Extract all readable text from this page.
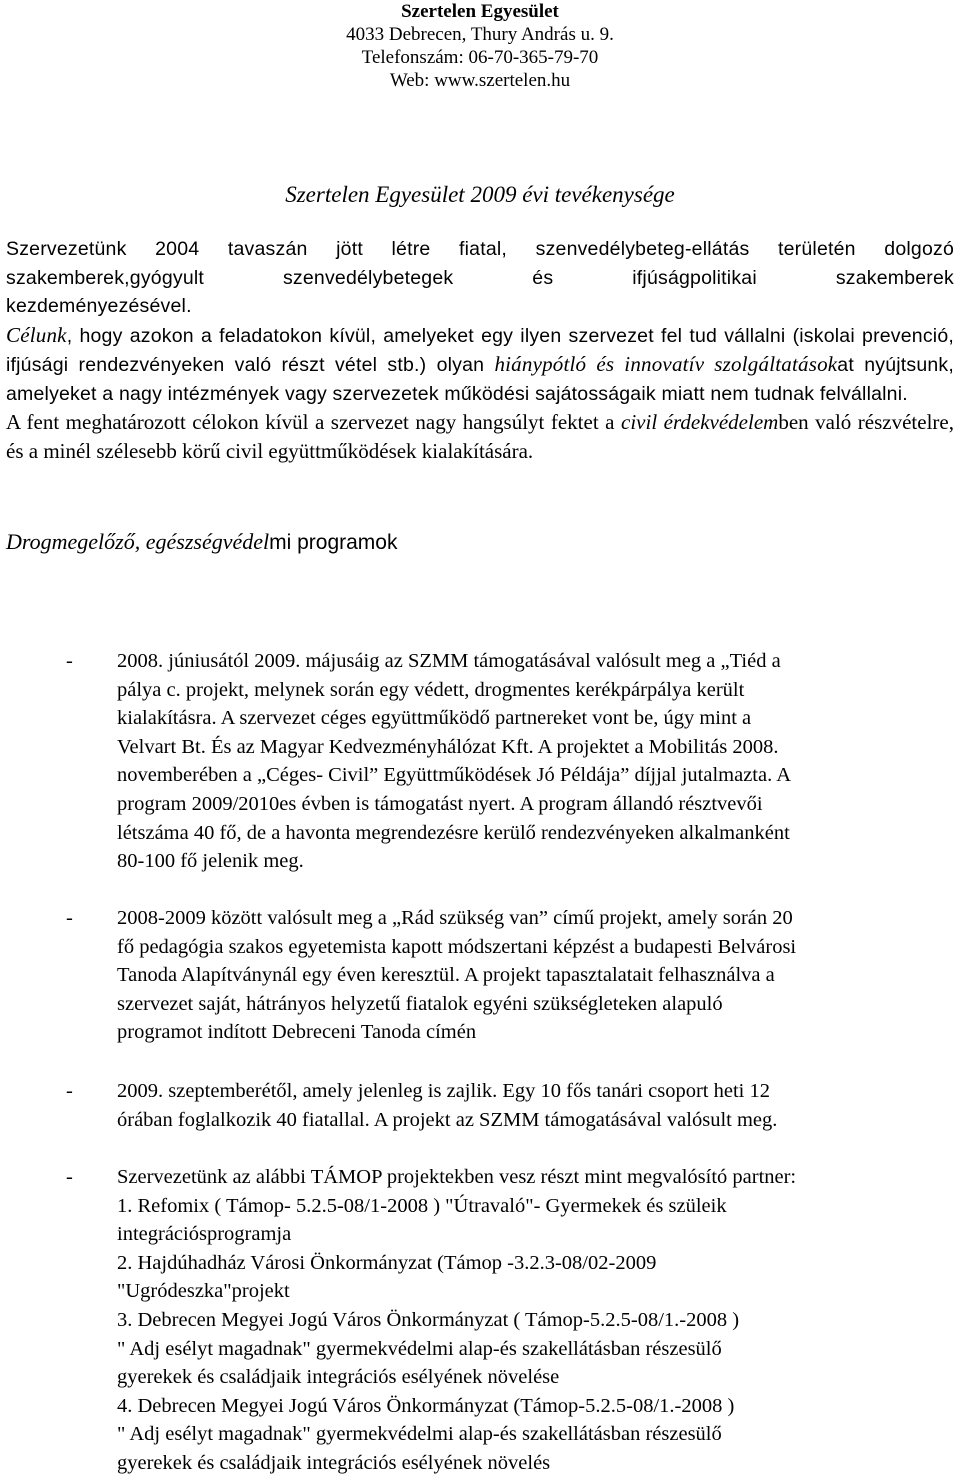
Szertelen Egyesület
4033 Debrecen, Thury András u. 9.
Telefonszám: 06-70-365-79-70
Web: www.szertelen.hu
Szertelen Egyesület 2009 évi tevékenysége

Szervezetünk 2004 tavaszán jött létre fiatal, szenvedélybeteg-ellátás területén dolgozó

szakemberek,gyógyult szenvedélybetegek és ifjúságpolitikai szakemberek

kezdeményezésével.

Célunk, hogy azokon a feladatokon kívül, amelyeket egy ilyen szervezet fel tud vállalni (iskolai prevenció, ifjúsági rendezvényeken való részt vétel stb.) olyan hiánypótló és innovatív szolgáltatásokat nyújtsunk, amelyeket a nagy intézmények vagy szervezetek működési sajátosságaik miatt nem tudnak felvállalni.

A fent meghatározott célokon kívül a szervezet nagy hangsúlyt fektet a civil érdekvédelemben való részvételre, és a minél szélesebb körű civil együttműködések kialakítására.

Drogmegelőző, egészségvédelmi programok
- 2008. júniusától 2009. májusáig az SZMM támogatásával valósult meg a „Tiéd a

pálya c. projekt, melynek során egy védett, drogmentes kerékpárpálya került

kialakításra. A szervezet céges együttműködő partnereket vont be, úgy mint a

Velvart Bt. És az Magyar Kedvezményhálózat Kft. A projektet a Mobilitás 2008.

novemberében a „Céges- Civil” Együttműködések Jó Példája” díjjal jutalmazta. A

program 2009/2010es évben is támogatást nyert. A program állandó résztvevői

létszáma 40 fő, de a havonta megrendezésre kerülő rendezvényeken alkalmanként

80-100 fő jelenik meg.

- 2008-2009 között valósult meg a „Rád szükség van” című projekt, amely során 20

fő pedagógia szakos egyetemista kapott módszertani képzést a budapesti Belvárosi

Tanoda Alapítványnál egy éven keresztül. A projekt tapasztalatait felhasználva a

szervezet saját, hátrányos helyzetű fiatalok egyéni szükségleteken alapuló

programot indított Debreceni Tanoda címén

- 2009. szeptemberétől, amely jelenleg is zajlik. Egy 10 fős tanári csoport heti 12

órában foglalkozik 40 fiatallal. A projekt az SZMM támogatásával valósult meg.

- Szervezetünk az alábbi TÁMOP projektekben vesz részt mint megvalósító partner:

1. Refomix ( Támop- 5.2.5-08/1-2008 ) "Útravaló"- Gyermekek és szüleik

integrációsprogramja

2. Hajdúhadház Városi Önkormányzat (Támop -3.2.3-08/02-2009

"Ugródeszka"projekt

3. Debrecen Megyei Jogú Város Önkormányzat ( Támop-5.2.5-08/1.-2008 )

" Adj esélyt magadnak" gyermekvédelmi alap-és szakellátásban részesülő

gyerekek és családjaik integrációs esélyének növelése

4. Debrecen Megyei Jogú Város Önkormányzat (Támop-5.2.5-08/1.-2008 )

" Adj esélyt magadnak" gyermekvédelmi alap-és szakellátásban részesülő

gyerekek és családjaik integrációs esélyének növelés
